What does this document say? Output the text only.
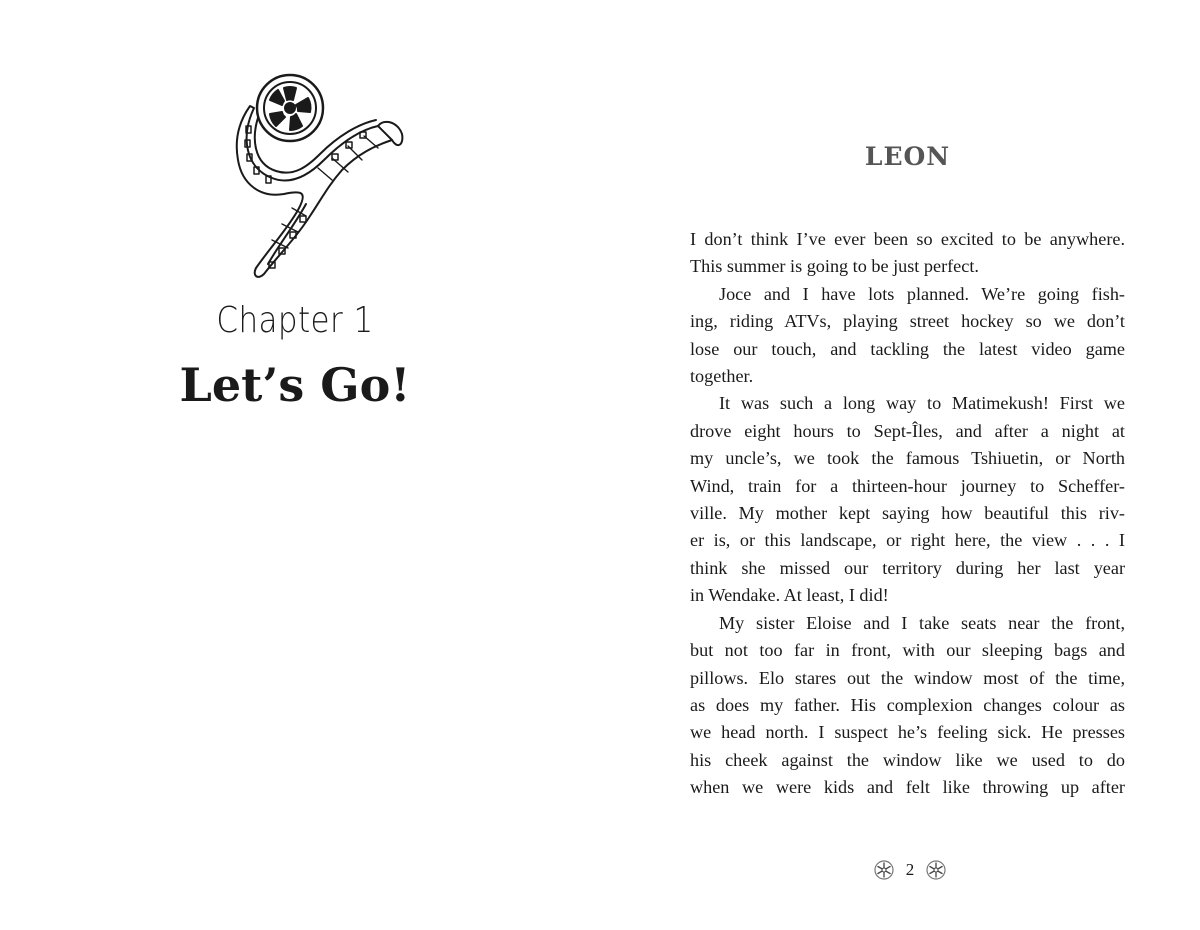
Chapter 1
Let’s Go!
LEON

I don’t think I’ve ever been so excited to be anywhere.

This summer is going to be just perfect.

Joce and I have lots planned. We’re going fish-

ing, riding ATVs, playing street hockey so we don’t

lose our touch, and tackling the latest video game

together.

It was such a long way to Matimekush! First we

drove eight hours to Sept-Îles, and after a night at

my uncle’s, we took the famous Tshiuetin, or North

Wind, train for a thirteen-hour journey to Scheffer-

ville. My mother kept saying how beautiful this riv-

er is, or this landscape, or right here, the view . . . I

think she missed our territory during her last year

in Wendake. At least, I did!

My sister Eloise and I take seats near the front,

but not too far in front, with our sleeping bags and

pillows. Elo stares out the window most of the time,

as does my father. His complexion changes colour as

we head north. I suspect he’s feeling sick. He presses

his cheek against the window like we used to do

when we were kids and felt like throwing up after

2
